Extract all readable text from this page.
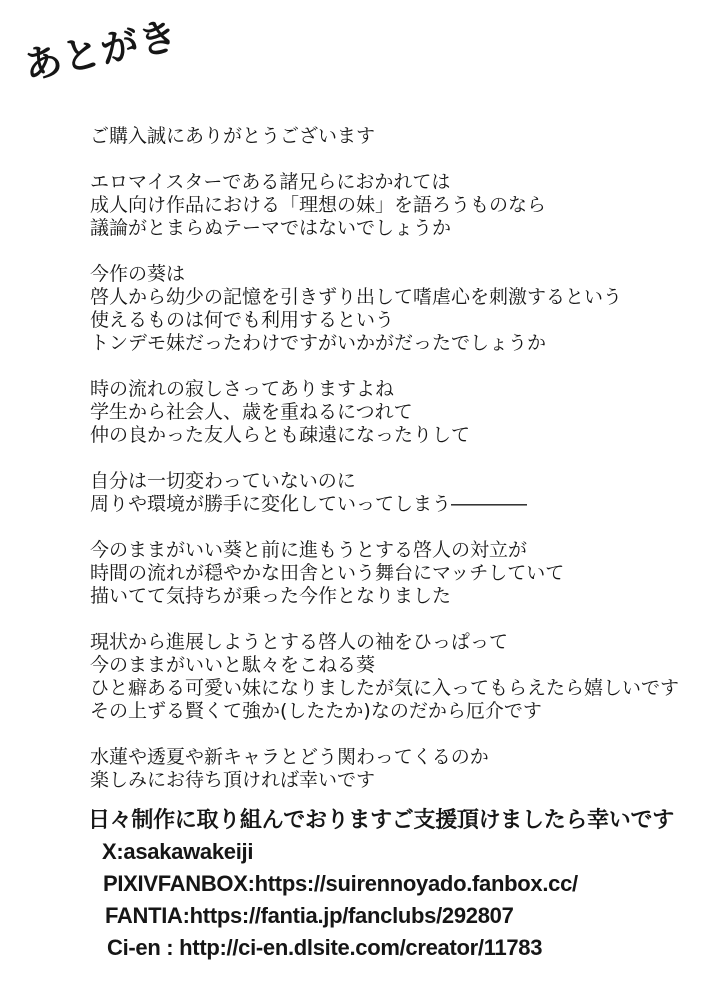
あとがき

ご購入誠にありがとうございます

エロマイスターである諸兄らにおかれては
成人向け作品における「理想の妹」を語ろうものなら
議論がとまらぬテーマではないでしょうか

今作の葵は
啓人から幼少の記憶を引きずり出して嗜虐心を刺激するという
使えるものは何でも利用するという
トンデモ妹だったわけですがいかがだったでしょうか

時の流れの寂しさってありますよね
学生から社会人、歳を重ねるにつれて
仲の良かった友人らとも疎遠になったりして

自分は一切変わっていないのに
周りや環境が勝手に変化していってしまう――――

今のままがいい葵と前に進もうとする啓人の対立が
時間の流れが穏やかな田舎という舞台にマッチしていて
描いてて気持ちが乗った今作となりました

現状から進展しようとする啓人の袖をひっぱって
今のままがいいと駄々をこねる葵
ひと癖ある可愛い妹になりましたが気に入ってもらえたら嬉しいです
その上ずる賢くて強か(したたか)なのだから厄介です

水蓮や透夏や新キャラとどう関わってくるのか
楽しみにお待ち頂ければ幸いです

日々制作に取り組んでおりますご支援頂けましたら幸いです
X:asakawakeiji
PIXIVFANBOX:https://suirennoyado.fanbox.cc/
FANTIA:https://fantia.jp/fanclubs/292807
Ci-en : http://ci-en.dlsite.com/creator/11783
